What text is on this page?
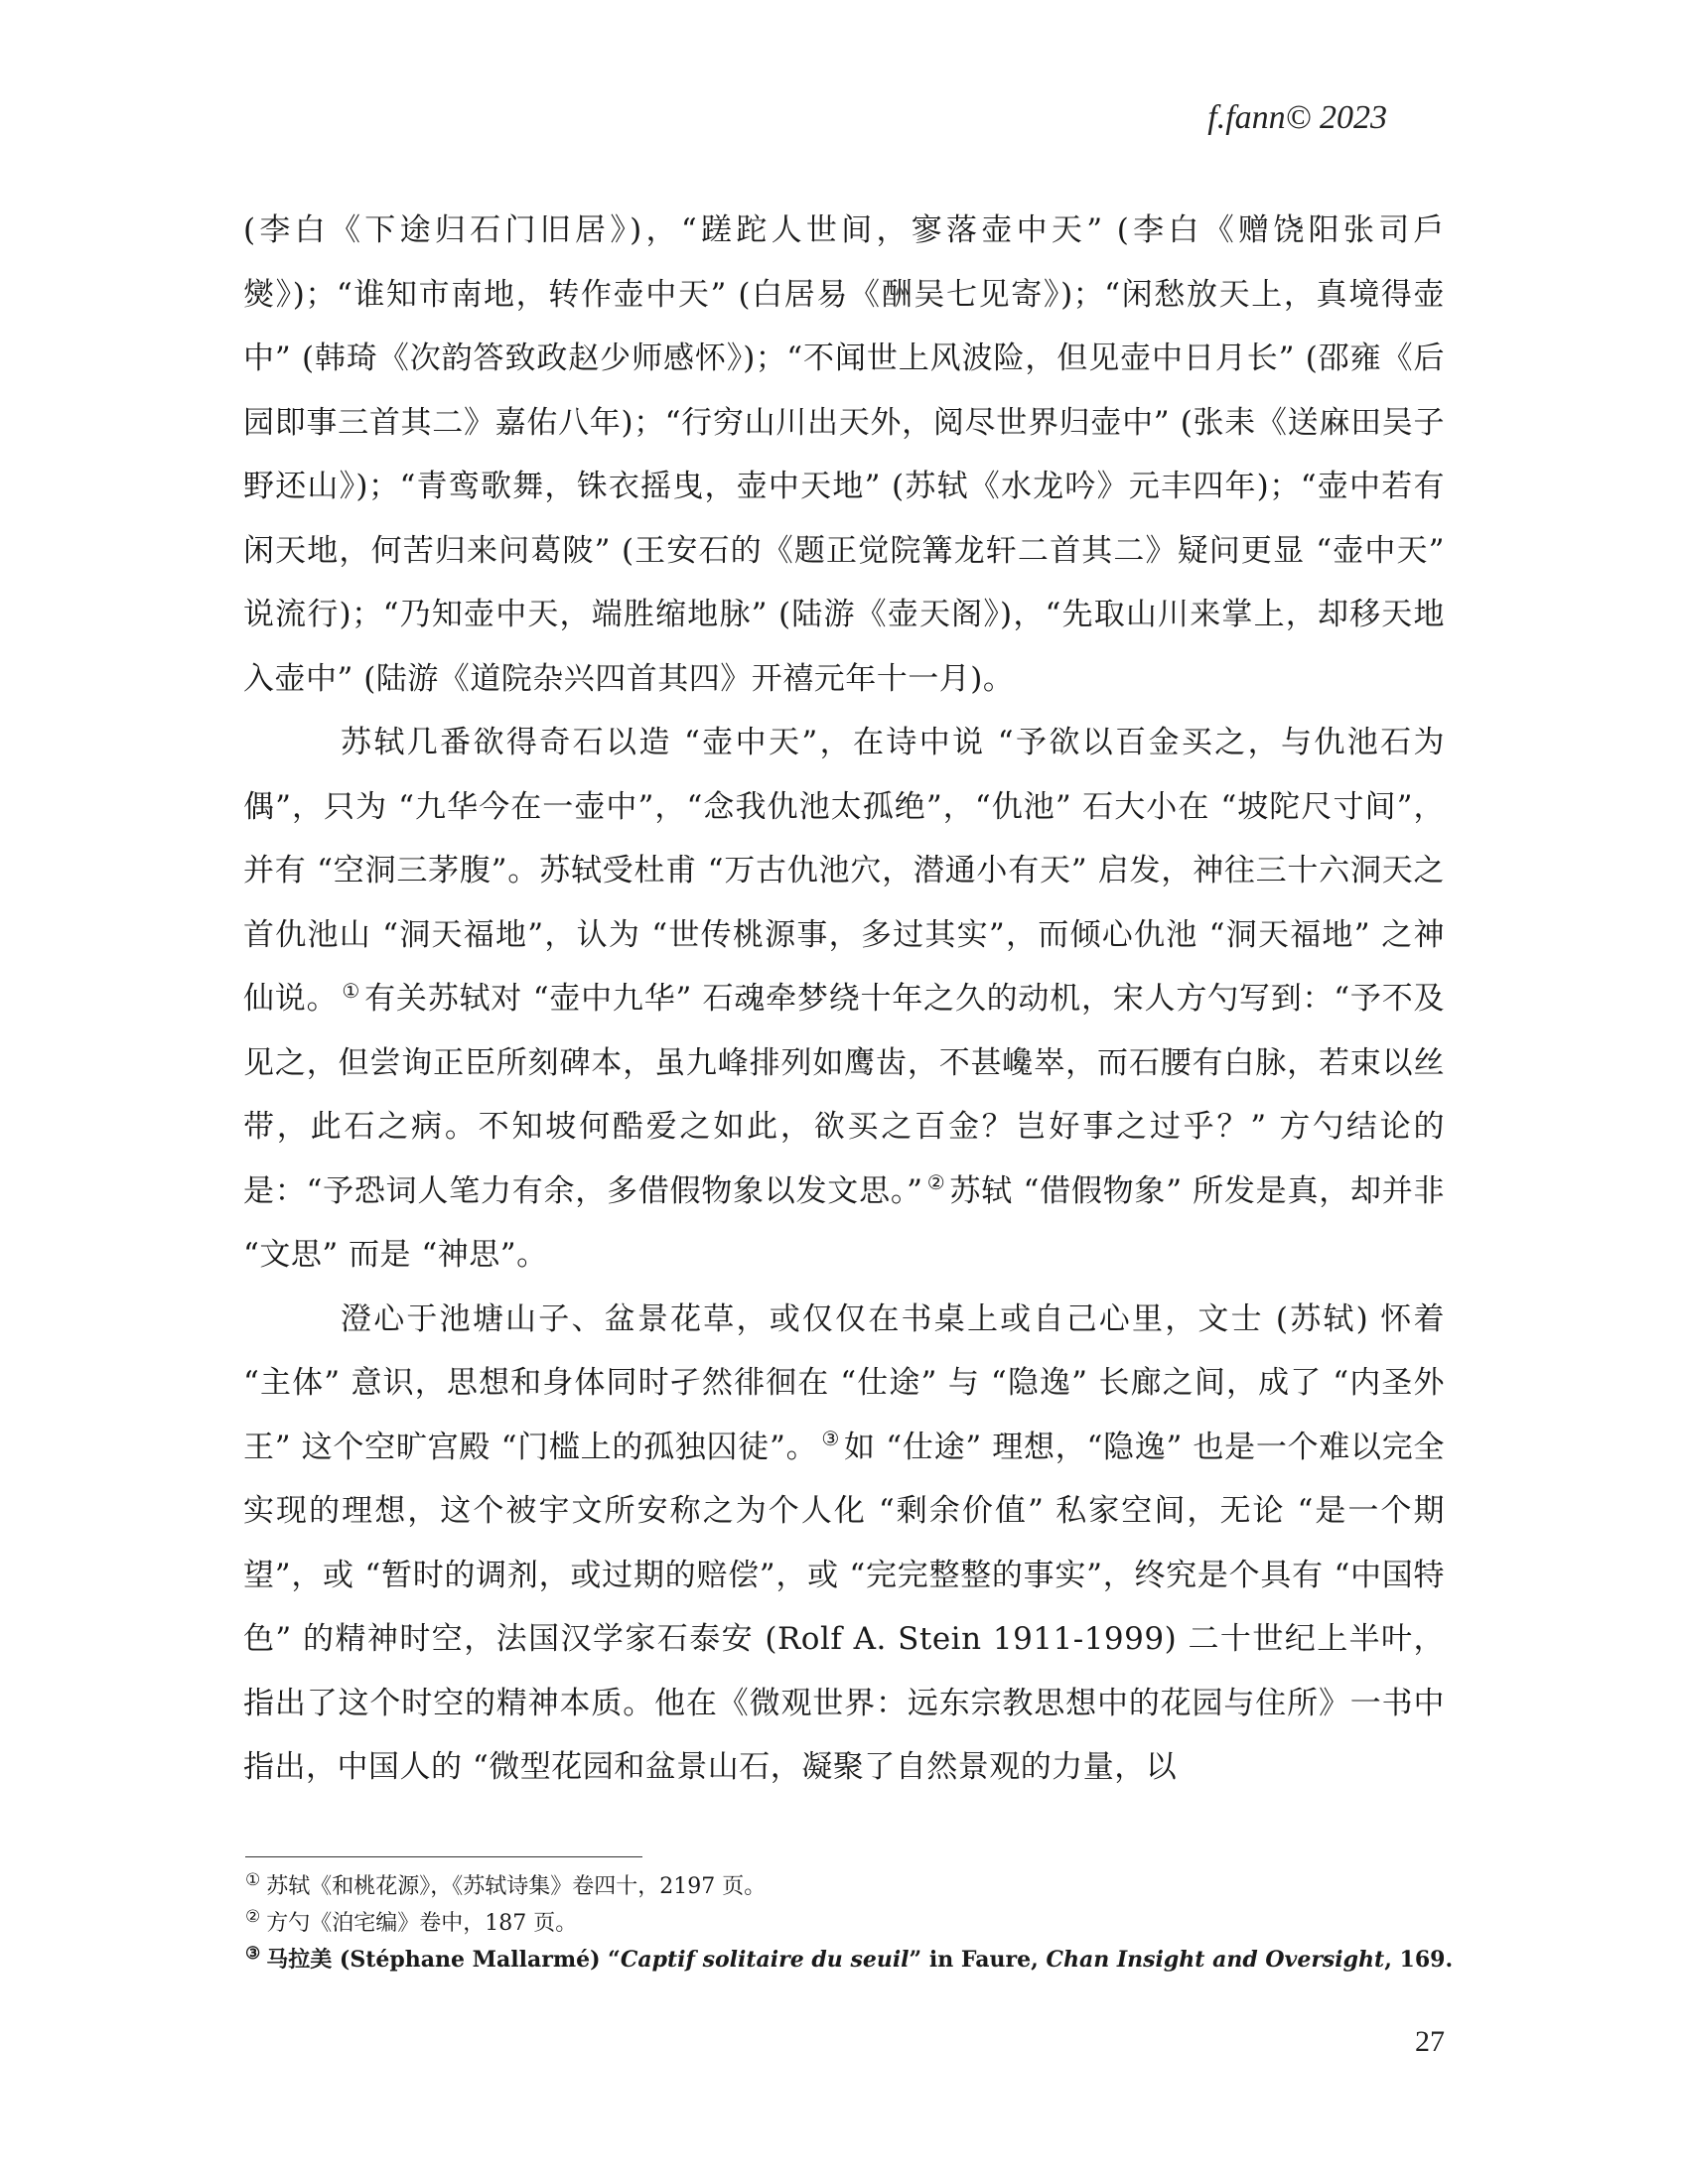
f.fann© 2023

(李白《下途归石门旧居》)，“蹉跎人世间，寥落壶中天” (李白《赠饶阳张司戶爕》)；“谁知市南地，转作壶中天” (白居易《酬吴七见寄》)；“闲愁放天上，真境得壶中” (韩琦《次韵答致政赵少师感怀》)；“不闻世上风波险，但见壶中日月长” (邵雍《后园即事三首其二》嘉佑八年)；“行穷山川出天外，阅尽世界归壶中” (张耒《送麻田吴子野还山》)；“青鸾歌舞，铢衣摇曳，壶中天地” (苏轼《水龙吟》元丰四年)；“壶中若有闲天地，何苦归来问葛陂” (王安石的《题正觉院篝龙轩二首其二》疑问更显 “壶中天” 说流行)；“乃知壶中天，端胜缩地脉” (陆游《壶天阁》)，“先取山川来掌上，却移天地入壶中” (陆游《道院杂兴四首其四》开禧元年十一月)。

苏轼几番欲得奇石以造 “壶中天”，在诗中说 “予欲以百金买之，与仇池石为偶”，只为 “九华今在一壶中”，“念我仇池太孤绝”，“仇池” 石大小在 “坡陀尺寸间”，并有 “空洞三茅腹”。苏轼受杜甫 “万古仇池穴，潜通小有天” 启发，神往三十六洞天之首仇池山 “洞天福地”，认为 “世传桃源事，多过其实”，而倾心仇池 “洞天福地” 之神仙说。 ① 有关苏轼对 “壶中九华” 石魂牵梦绕十年之久的动机，宋人方勺写到：“予不及见之，但尝询正臣所刻碑本，虽九峰排列如鹰齿，不甚巉崒，而石腰有白脉，若束以丝带，此石之病。不知坡何酷爱之如此，欲买之百金？岂好事之过乎？” 方勺结论的是：“予恐词人笔力有余，多借假物象以发文思。” ② 苏轼 “借假物象” 所发是真，却并非 “文思” 而是 “神思”。

澄心于池塘山子、盆景花草，或仅仅在书桌上或自己心里，文士 (苏轼) 怀着 “主体” 意识，思想和身体同时孑然徘徊在 “仕途” 与 “隐逸” 长廊之间，成了 “内圣外王” 这个空旷宫殿 “门槛上的孤独囚徒”。 ③ 如 “仕途” 理想，“隐逸” 也是一个难以完全实现的理想，这个被宇文所安称之为个人化 “剩余价值” 私家空间，无论 “是一个期望”，或 “暂时的调剂，或过期的赔偿”，或 “完完整整的事实”，终究是个具有 “中国特色” 的精神时空，法国汉学家石泰安 (Rolf A. Stein 1911-1999) 二十世纪上半叶，指出了这个时空的精神本质。他在《微观世界：远东宗教思想中的花园与住所》一书中指出，中国人的 “微型花园和盆景山石，凝聚了自然景观的力量，以

① 苏轼《和桃花源》，《苏轼诗集》卷四十，2197 页。
② 方勺《泊宅编》卷中，187 页。
③ 马拉美 (Stéphane Mallarmé) “Captif solitaire du seuil” in Faure, Chan Insight and Oversight, 169.
27
